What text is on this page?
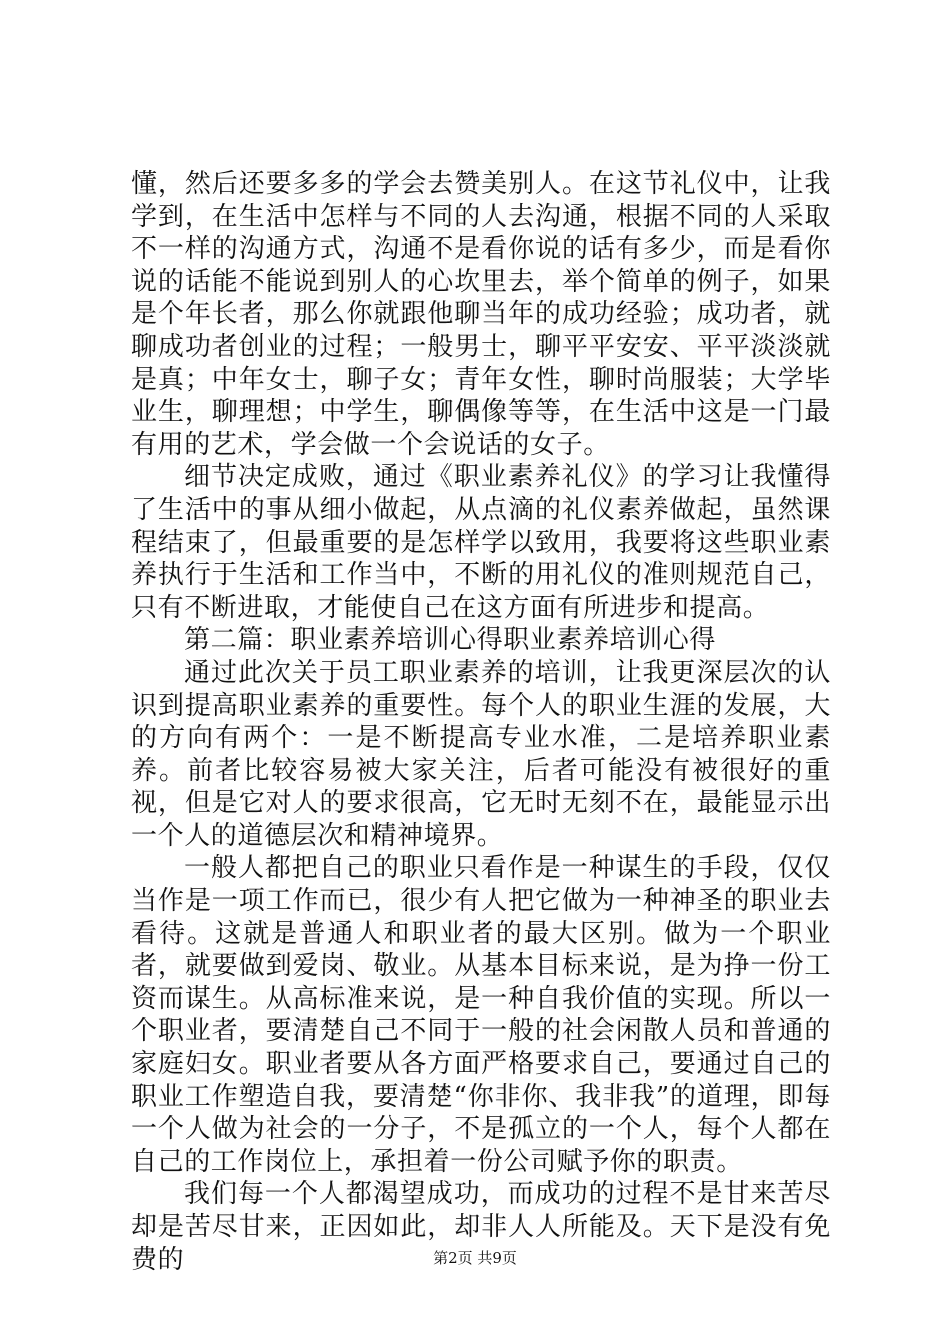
懂，然后还要多多的学会去赞美别人。在这节礼仪中，让我学到，在生活中怎样与不同的人去沟通，根据不同的人采取不一样的沟通方式，沟通不是看你说的话有多少，而是看你说的话能不能说到别人的心坎里去，举个简单的例子，如果是个年长者，那么你就跟他聊当年的成功经验；成功者，就聊成功者创业的过程；一般男士，聊平平安安、平平淡淡就是真；中年女士，聊子女；青年女性，聊时尚服装；大学毕业生，聊理想；中学生，聊偶像等等，在生活中这是一门最有用的艺术，学会做一个会说话的女子。

细节决定成败，通过《职业素养礼仪》的学习让我懂得了生活中的事从细小做起，从点滴的礼仪素养做起，虽然课程结束了，但最重要的是怎样学以致用，我要将这些职业素养执行于生活和工作当中，不断的用礼仪的准则规范自己，只有不断进取，才能使自己在这方面有所进步和提高。

第二篇：职业素养培训心得职业素养培训心得

通过此次关于员工职业素养的培训，让我更深层次的认识到提高职业素养的重要性。每个人的职业生涯的发展，大的方向有两个：一是不断提高专业水准，二是培养职业素养。前者比较容易被大家关注，后者可能没有被很好的重视，但是它对人的要求很高，它无时无刻不在，最能显示出一个人的道德层次和精神境界。

一般人都把自己的职业只看作是一种谋生的手段，仅仅当作是一项工作而已，很少有人把它做为一种神圣的职业去看待。这就是普通人和职业者的最大区别。做为一个职业者，就要做到爱岗、敬业。从基本目标来说，是为挣一份工资而谋生。从高标准来说，是一种自我价值的实现。所以一个职业者，要清楚自己不同于一般的社会闲散人员和普通的家庭妇女。职业者要从各方面严格要求自己，要通过自己的职业工作塑造自我，要清楚“你非你、我非我”的道理，即每一个人做为社会的一分子，不是孤立的一个人，每个人都在自己的工作岗位上，承担着一份公司赋予你的职责。

我们每一个人都渴望成功，而成功的过程不是甘来苦尽却是苦尽甘来，正因如此，却非人人所能及。天下是没有免费的	第2页 共9页
